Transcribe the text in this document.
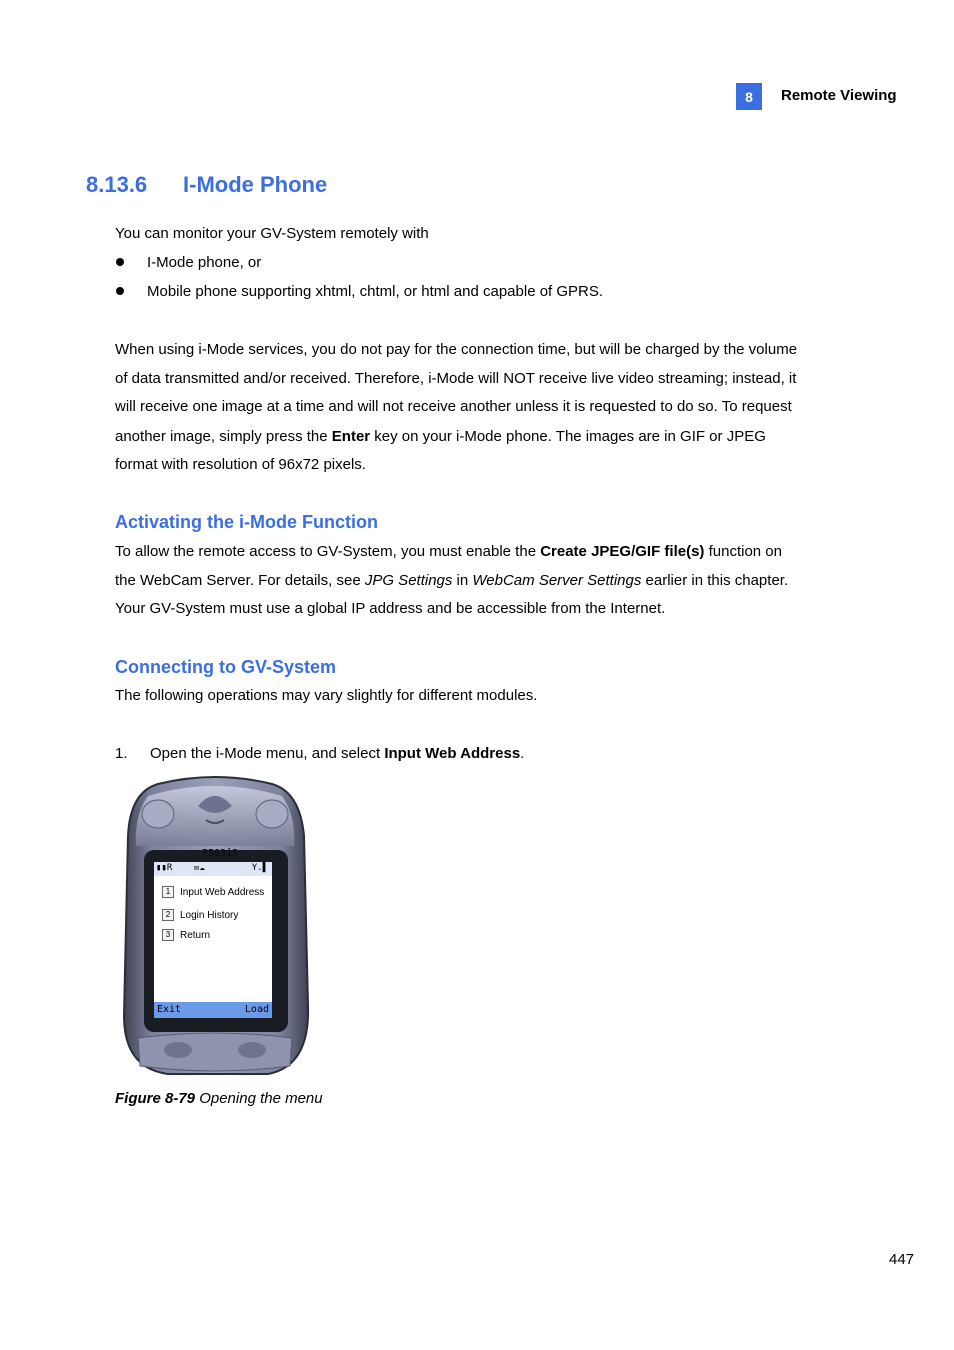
8	Remote Viewing
8.13.6 I-Mode Phone
You can monitor your GV-System remotely with
I-Mode phone, or
Mobile phone supporting xhtml, chtml, or html and capable of GPRS.
When using i-Mode services, you do not pay for the connection time, but will be charged by the volume
of data transmitted and/or received. Therefore, i-Mode will NOT receive live video streaming; instead, it
will receive one image at a time and will not receive another unless it is requested to do so. To request
another image, simply press the Enter key on your i-Mode phone. The images are in GIF or JPEG
format with resolution of 96x72 pixels.
Activating the i-Mode Function
To allow the remote access to GV-System, you must enable the Create JPEG/GIF file(s) function on
the WebCam Server. For details, see JPG Settings in WebCam Server Settings earlier in this chapter.
Your GV-System must use a global IP address and be accessible from the Internet.
Connecting to GV-System
The following operations may vary slightly for different modules.
1. Open the i-Mode menu, and select Input Web Address.
P503iS
▮▮R ✉☁	Y.▌
1 Input Web Address
2 Login History
3 Return
Exit	Load
Figure 8-79 Opening the menu
447
